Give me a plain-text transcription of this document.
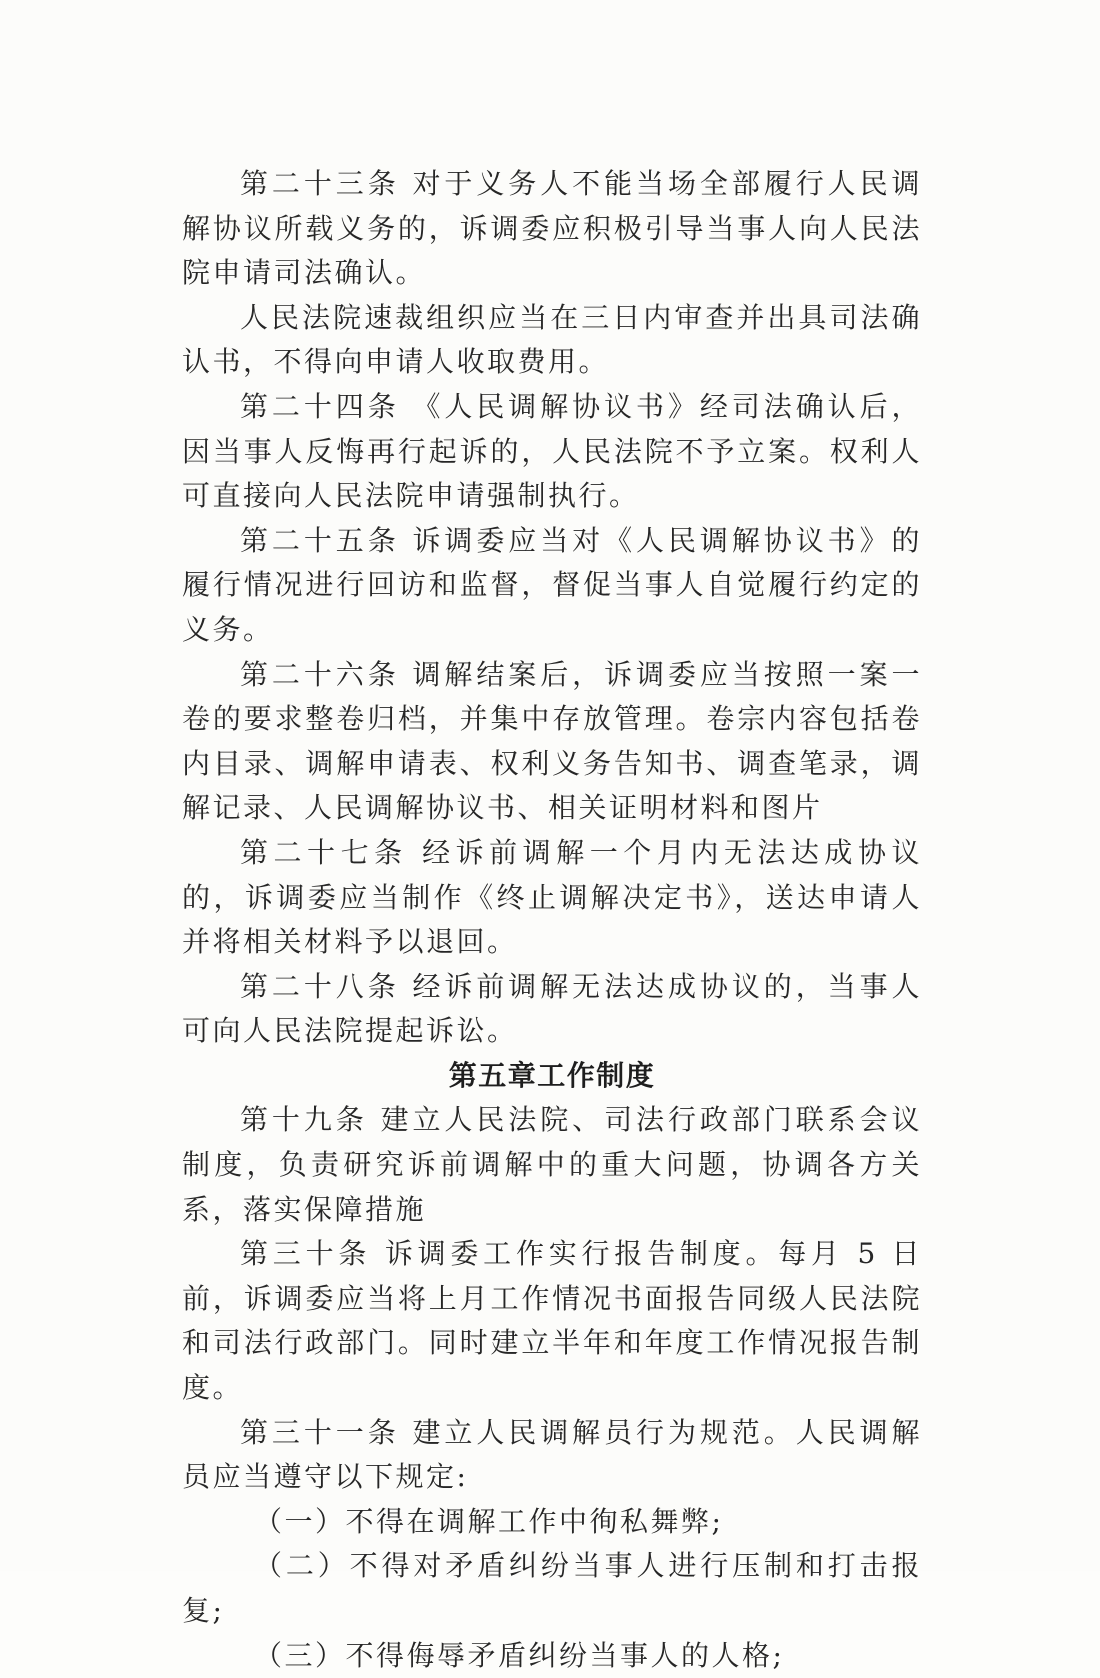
第二十三条 对于义务人不能当场全部履行人民调解协议所载义务的，诉调委应积极引导当事人向人民法院申请司法确认。

人民法院速裁组织应当在三日内审查并出具司法确认书，不得向申请人收取费用。

第二十四条 《人民调解协议书》经司法确认后，因当事人反悔再行起诉的，人民法院不予立案。权利人可直接向人民法院申请强制执行。

第二十五条 诉调委应当对《人民调解协议书》的履行情况进行回访和监督，督促当事人自觉履行约定的义务。

第二十六条 调解结案后，诉调委应当按照一案一卷的要求整卷归档，并集中存放管理。卷宗内容包括卷内目录、调解申请表、权利义务告知书、调查笔录，调解记录、人民调解协议书、相关证明材料和图片

第二十七条 经诉前调解一个月内无法达成协议的，诉调委应当制作《终止调解决定书》，送达申请人并将相关材料予以退回。

第二十八条 经诉前调解无法达成协议的，当事人可向人民法院提起诉讼。

第五章工作制度

第十九条 建立人民法院、司法行政部门联系会议制度，负责研究诉前调解中的重大问题，协调各方关系，落实保障措施

第三十条 诉调委工作实行报告制度。每月 5 日前，诉调委应当将上月工作情况书面报告同级人民法院和司法行政部门。同时建立半年和年度工作情况报告制度。

第三十一条 建立人民调解员行为规范。人民调解员应当遵守以下规定:

（一）不得在调解工作中徇私舞弊;

（二）不得对矛盾纠纷当事人进行压制和打击报复;

（三）不得侮辱矛盾纠纷当事人的人格;
